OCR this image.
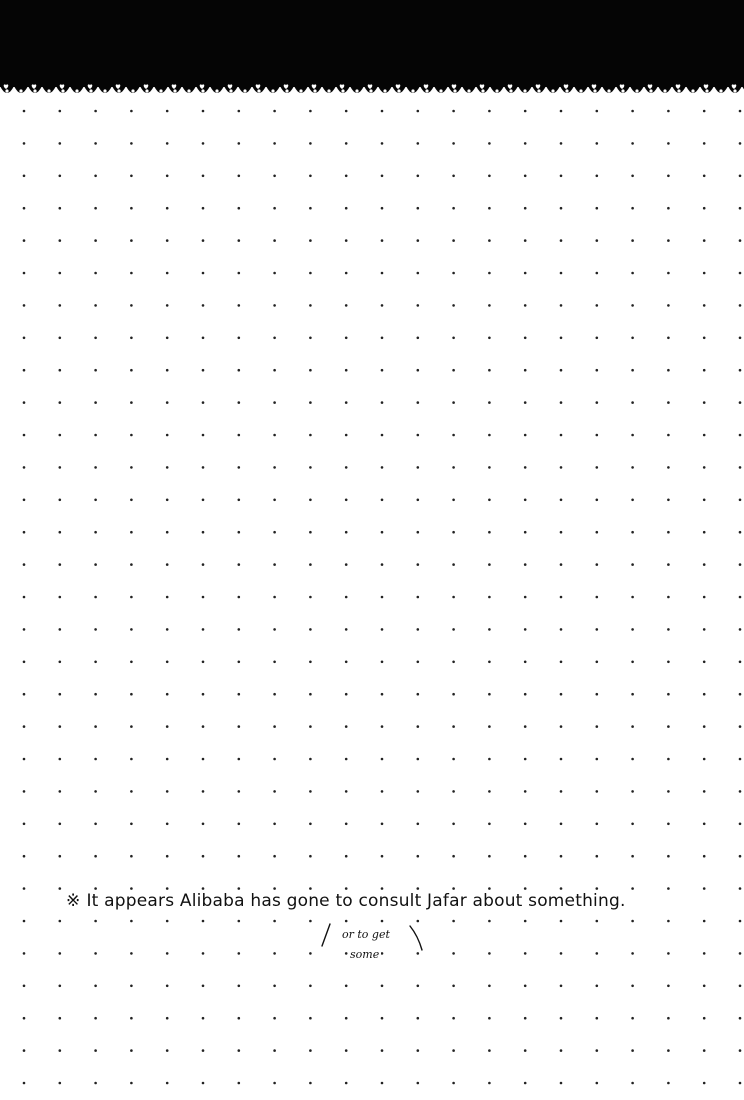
※ It appears Alibaba has gone to consult Jafar about something.
or to get
some
